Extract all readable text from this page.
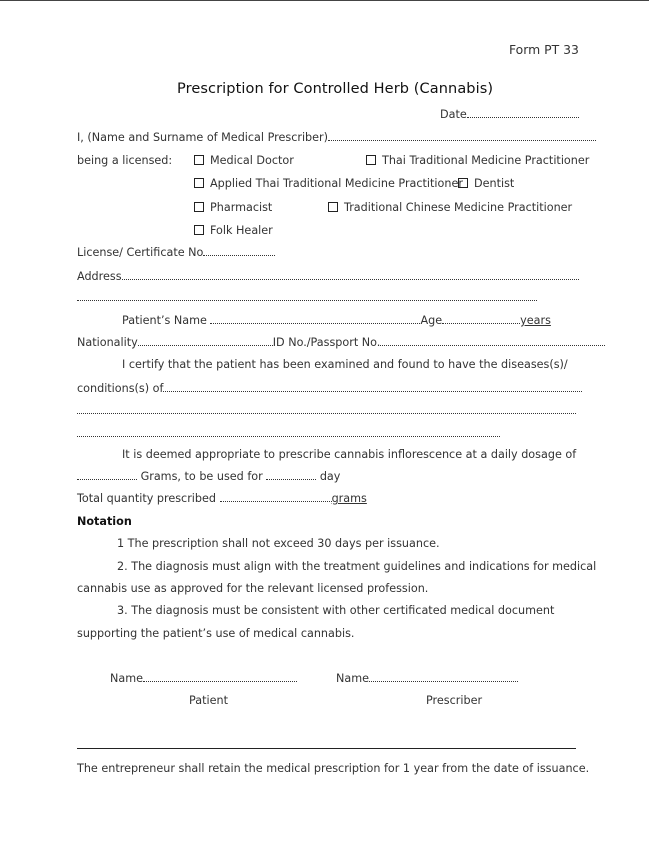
Form PT 33
Prescription for Controlled Herb (Cannabis)
Date
I, (Name and Surname of Medical Prescriber)
being a licensed:	Medical Doctor	Thai Traditional Medicine Practitioner
Applied Thai Traditional Medicine Practitioner Dentist
Pharmacist	Traditional Chinese Medicine Practitioner
Folk Healer
License/ Certificate No
Address
Patient’s Name	Age	years
Nationality	ID No./Passport No.
I certify that the patient has been examined and found to have the diseases(s)/
conditions(s) of
It is deemed appropriate to prescribe cannabis inflorescence at a daily dosage of
Grams, to be used for	day
Total quantity prescribed	grams
Notation
1 The prescription shall not exceed 30 days per issuance.
2. The diagnosis must align with the treatment guidelines and indications for medical
cannabis use as approved for the relevant licensed profession.
3. The diagnosis must be consistent with other certificated medical document
supporting the patient’s use of medical cannabis.
Name	Name
Patient	Prescriber
The entrepreneur shall retain the medical prescription for 1 year from the date of issuance.
